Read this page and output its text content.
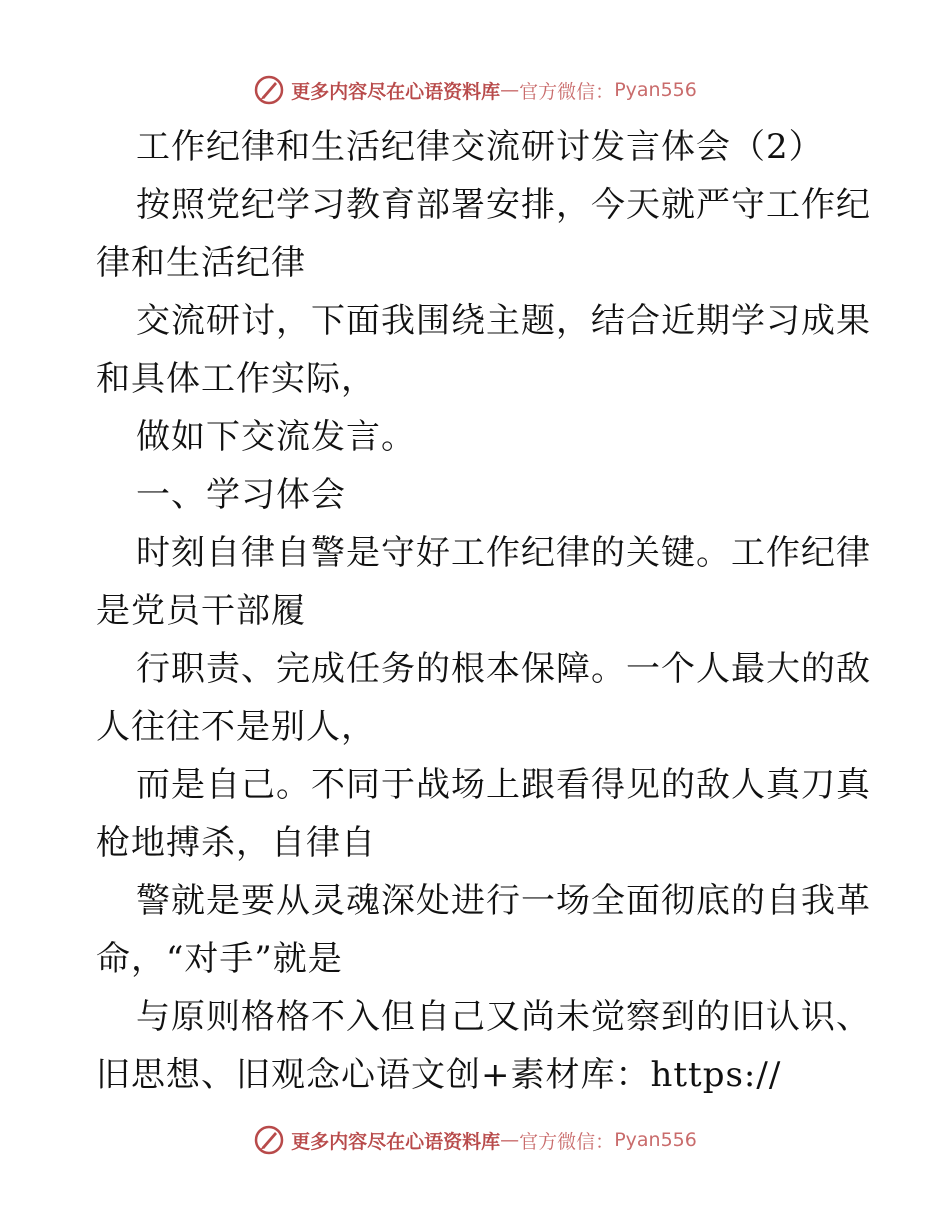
更多内容尽在心语资料库 — 官方微信： Pyan556
工作纪律和生活纪律交流研讨发言体会（2）
按照党纪学习教育部署安排，今天就严守工作纪
律和生活纪律
交流研讨，下面我围绕主题，结合近期学习成果
和具体工作实际，
做如下交流发言。
一、学习体会
时刻自律自警是守好工作纪律的关键。工作纪律
是党员干部履
行职责、完成任务的根本保障。一个人最大的敌
人往往不是别人，
而是自己。不同于战场上跟看得见的敌人真刀真
枪地搏杀，自律自
警就是要从灵魂深处进行一场全面彻底的自我革
命，“对手”就是
与原则格格不入但自己又尚未觉察到的旧认识、
旧思想、旧观念心语文创+素材库：https://
更多内容尽在心语资料库 — 官方微信： Pyan556
